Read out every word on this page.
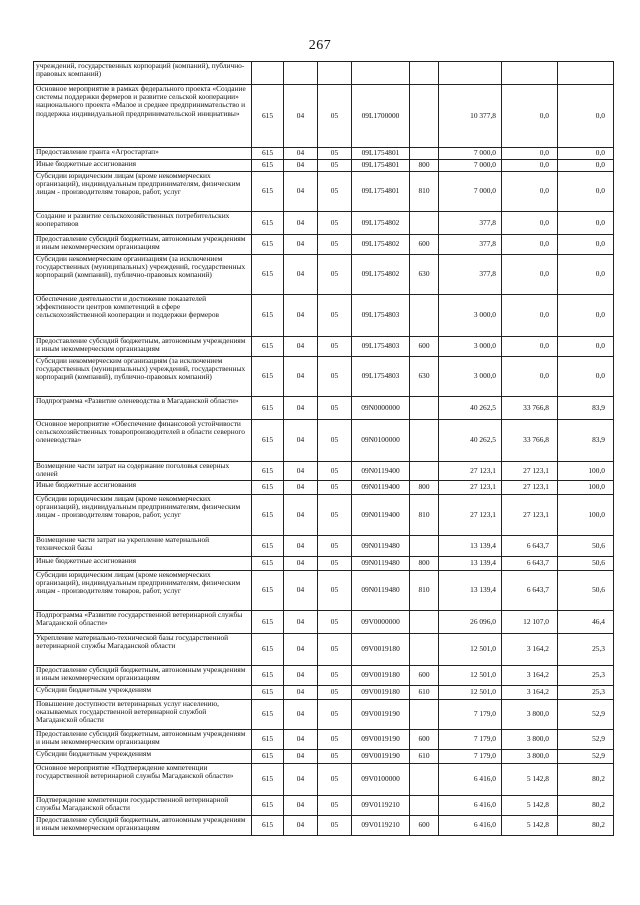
267
учреждений, государственных корпораций (компаний), публично-правовых компаний)								
Основное мероприятие в рамках федерального проекта «Создание системы поддержки фермеров и развитие сельской кооперации» национального проекта «Малое и среднее предпринимательство и поддержка индивидуальной предпринимательской инициативы»	615	04	05	09L1700000		10 377,8	0,0	0,0
Предоставление гранта «Агростартап»	615	04	05	09L1754801		7 000,0	0,0	0,0
Иные бюджетные ассигнования	615	04	05	09L1754801	800	7 000,0	0,0	0,0
Субсидии юридическим лицам (кроме некоммерческих организаций), индивидуальным предпринимателям, физическим лицам - производителям товаров, работ, услуг	615	04	05	09L1754801	810	7 000,0	0,0	0,0
Создание и развитие сельскохозяйственных потребительских кооперативов	615	04	05	09L1754802		377,8	0,0	0,0
Предоставление субсидий бюджетным, автономным учреждениям и иным некоммерческим организациям	615	04	05	09L1754802	600	377,8	0,0	0,0
Субсидии некоммерческим организациям (за исключением государственных (муниципальных) учреждений, государственных корпораций (компаний), публично-правовых компаний)	615	04	05	09L1754802	630	377,8	0,0	0,0
Обеспечение деятельности и достижение показателей эффективности центров компетенций в сфере сельскохозяйственной кооперации и поддержки фермеров	615	04	05	09L1754803		3 000,0	0,0	0,0
Предоставление субсидий бюджетным, автономным учреждениям и иным некоммерческим организациям	615	04	05	09L1754803	600	3 000,0	0,0	0,0
Субсидии некоммерческим организациям (за исключением государственных (муниципальных) учреждений, государственных корпораций (компаний), публично-правовых компаний)	615	04	05	09L1754803	630	3 000,0	0,0	0,0
Подпрограмма «Развитие оленеводства в Магаданской области»	615	04	05	09N0000000		40 262,5	33 766,8	83,9
Основное мероприятие «Обеспечение финансовой устойчивости сельскохозяйственных товаропроизводителей в области северного оленеводства»	615	04	05	09N0100000		40 262,5	33 766,8	83,9
Возмещение части затрат на содержание поголовья северных оленей	615	04	05	09N0119400		27 123,1	27 123,1	100,0
Иные бюджетные ассигнования	615	04	05	09N0119400	800	27 123,1	27 123,1	100,0
Субсидии юридическим лицам (кроме некоммерческих организаций), индивидуальным предпринимателям, физическим лицам - производителям товаров, работ, услуг	615	04	05	09N0119400	810	27 123,1	27 123,1	100,0
Возмещение части затрат на укрепление материальной технической базы	615	04	05	09N0119480		13 139,4	6 643,7	50,6
Иные бюджетные ассигнования	615	04	05	09N0119480	800	13 139,4	6 643,7	50,6
Субсидии юридическим лицам (кроме некоммерческих организаций), индивидуальным предпринимателям, физическим лицам - производителям товаров, работ, услуг	615	04	05	09N0119480	810	13 139,4	6 643,7	50,6
Подпрограмма «Развитие государственной ветеринарной службы Магаданской области»	615	04	05	09V0000000		26 096,0	12 107,0	46,4
Укрепление материально-технической базы государственной ветеринарной службы Магаданской области	615	04	05	09V0019180		12 501,0	3 164,2	25,3
Предоставление субсидий бюджетным, автономным учреждениям и иным некоммерческим организациям	615	04	05	09V0019180	600	12 501,0	3 164,2	25,3
Субсидии бюджетным учреждениям	615	04	05	09V0019180	610	12 501,0	3 164,2	25,3
Повышение доступности ветеринарных услуг населению, оказываемых государственной ветеринарной службой Магаданской области	615	04	05	09V0019190		7 179,0	3 800,0	52,9
Предоставление субсидий бюджетным, автономным учреждениям и иным некоммерческим организациям	615	04	05	09V0019190	600	7 179,0	3 800,0	52,9
Субсидии бюджетным учреждениям	615	04	05	09V0019190	610	7 179,0	3 800,0	52,9
Основное мероприятие «Подтверждение компетенции государственной ветеринарной службы Магаданской области»	615	04	05	09V0100000		6 416,0	5 142,8	80,2
Подтверждение компетенции государственной ветеринарной службы Магаданской области	615	04	05	09V0119210		6 416,0	5 142,8	80,2
Предоставление субсидий бюджетным, автономным учреждениям и иным некоммерческим организациям	615	04	05	09V0119210	600	6 416,0	5 142,8	80,2
